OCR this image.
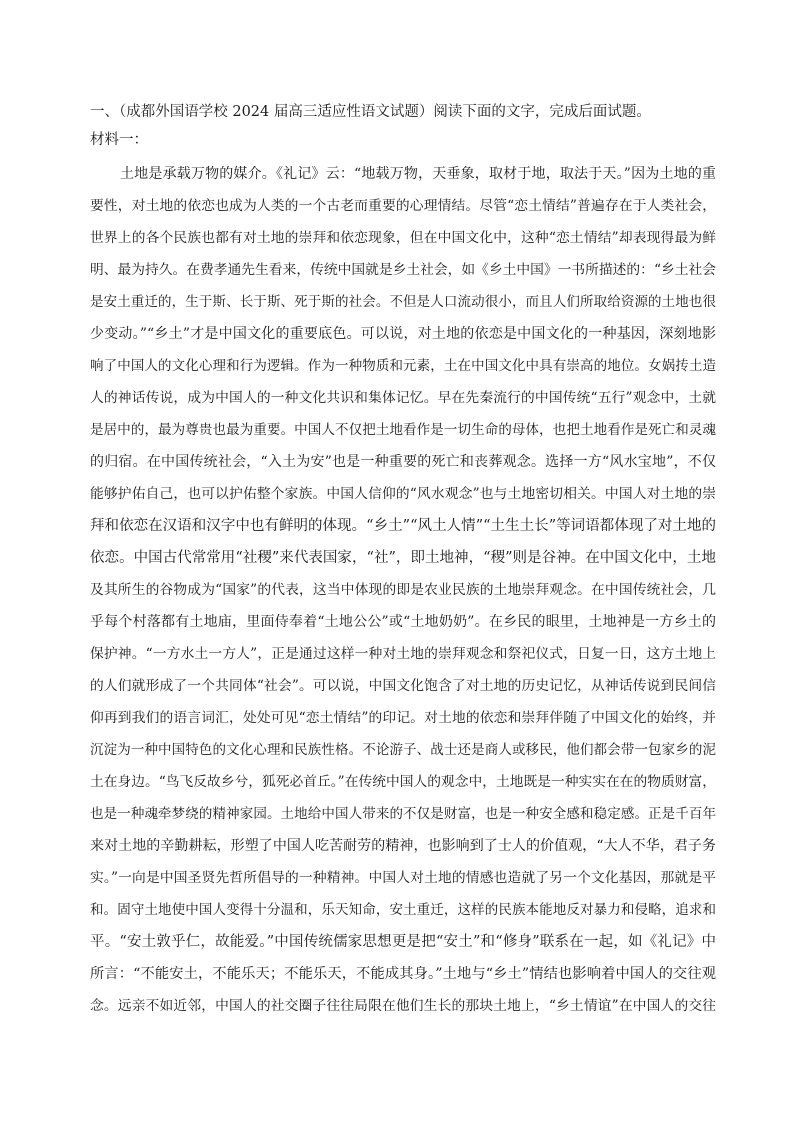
一、（成都外国语学校 2024 届高三适应性语文试题）阅读下面的文字，完成后面试题。

材料一：

土地是承载万物的媒介。《礼记》云：“地载万物，天垂象，取材于地，取法于天。”因为土地的重
要性，对土地的依恋也成为人类的一个古老而重要的心理情结。尽管“恋土情结”普遍存在于人类社会，
世界上的各个民族也都有对土地的崇拜和依恋现象，但在中国文化中，这种“恋土情结”却表现得最为鲜
明、最为持久。在费孝通先生看来，传统中国就是乡土社会，如《乡土中国》一书所描述的：“乡土社会
是安土重迁的，生于斯、长于斯、死于斯的社会。不但是人口流动很小，而且人们所取给资源的土地也很
少变动。”“乡土”才是中国文化的重要底色。可以说，对土地的依恋是中国文化的一种基因，深刻地影
响了中国人的文化心理和行为逻辑。作为一种物质和元素，土在中国文化中具有崇高的地位。女娲抟土造
人的神话传说，成为中国人的一种文化共识和集体记忆。早在先秦流行的中国传统“五行”观念中，土就
是居中的，最为尊贵也最为重要。中国人不仅把土地看作是一切生命的母体，也把土地看作是死亡和灵魂
的归宿。在中国传统社会，“入土为安”也是一种重要的死亡和丧葬观念。选择一方“风水宝地”，不仅
能够护佑自己，也可以护佑整个家族。中国人信仰的“风水观念”也与土地密切相关。中国人对土地的崇
拜和依恋在汉语和汉字中也有鲜明的体现。“乡土”“风土人情”“土生土长”等词语都体现了对土地的
依恋。中国古代常常用“社稷”来代表国家，“社”，即土地神，“稷”则是谷神。在中国文化中，土地
及其所生的谷物成为“国家”的代表，这当中体现的即是农业民族的土地崇拜观念。在中国传统社会，几
乎每个村落都有土地庙，里面侍奉着“土地公公”或“土地奶奶”。在乡民的眼里，土地神是一方乡土的
保护神。“一方水土一方人”，正是通过这样一种对土地的崇拜观念和祭祀仪式，日复一日，这方土地上
的人们就形成了一个共同体“社会”。可以说，中国文化饱含了对土地的历史记忆，从神话传说到民间信
仰再到我们的语言词汇，处处可见“恋土情结”的印记。对土地的依恋和崇拜伴随了中国文化的始终，并
沉淀为一种中国特色的文化心理和民族性格。不论游子、战士还是商人或移民，他们都会带一包家乡的泥
土在身边。“鸟飞反故乡兮，狐死必首丘。”在传统中国人的观念中，土地既是一种实实在在的物质财富，
也是一种魂牵梦绕的精神家园。土地给中国人带来的不仅是财富，也是一种安全感和稳定感。正是千百年
来对土地的辛勤耕耘，形塑了中国人吃苦耐劳的精神，也影响到了士人的价值观，“大人不华，君子务
实。”一向是中国圣贤先哲所倡导的一种精神。中国人对土地的情感也造就了另一个文化基因，那就是平
和。固守土地使中国人变得十分温和，乐天知命，安土重迁，这样的民族本能地反对暴力和侵略，追求和
平。“安土敦乎仁，故能爱。”中国传统儒家思想更是把“安土”和“修身”联系在一起，如《礼记》中
所言：“不能安土，不能乐天；不能乐天，不能成其身。”土地与“乡土”情结也影响着中国人的交往观
念。远亲不如近邻，中国人的社交圈子往往局限在他们生长的那块土地上，“乡土情谊”在中国人的交往
